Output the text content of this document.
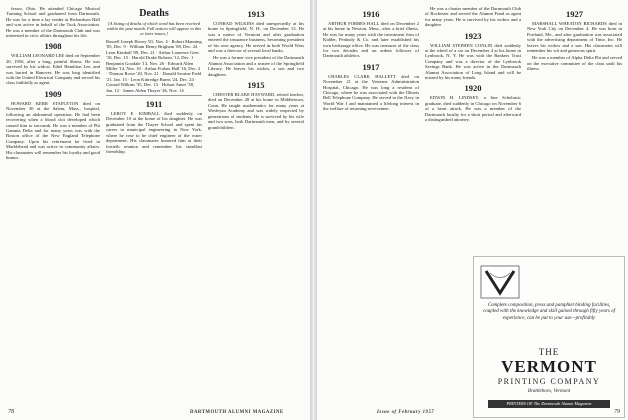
fessor, Ohio. He attended Chicago Musical Training School and graduated from Dartmouth. He was for a time a lay reader at Richardson Hall and was active in behalf of the Tuck Association. He was a member of the Dartmouth Club and was interested in civic affairs throughout his life.

1908

WILLIAM LEONARD LEE died on September 20, 1956, after a long, painful illness. He was survived by his widow, Ethel Hamilton Lee, and was buried in Hanover. He was long identified with the United Electrical Company and served his class faithfully as agent.

1909

HOWARD KERR STAPLETON died on November 30 at the Salem, Mass., hospital, following an abdominal operation. He had been recovering when a blood clot developed which caused him to succumb. He was a member of Phi Gamma Delta and for many years was with the Boston office of the New England Telephone Company. Upon his retirement he lived in Marblehead and was active in community affairs. His classmates will remember his loyalty and good humor.

Deaths
[A listing of deaths of which word has been received within the past month. Full notices will appear in this or later issues.]

Russell Joseph Hovey '01, Nov. 4 · Robert Manning '05, Dec. 9 · William Henry Brigham '08, Dec. 24 · Leon Kimball '09, Dec. 21 · Arthur Laurence Geer '10, Dec. 15 · Harold Drake Roberts '12, Dec. 1 · Benjamin Goodale '13, Nov. 26 · Edward Allen Miller '14, Nov. 10 · Arthur Forbes Hall '16, Dec. 2 · Thomas Rowe '20, Nov. 21 · Donald Swaine Field '21, Jan. 13 · Leon Kittredge Burns '24, Dec. 24 · Conrad Wilkins '35, Dec. 13 · Hobart Ames '38, Jan. 12 · James Alden Thayer '46, Nov. 14

1911

LEROY E. KIMBALL died suddenly on December 10 at the home of his daughter. He was graduated from the Thayer School and spent his career in municipal engineering in New York, where he rose to be chief engineer of the water department. His classmates honored him at their fortieth reunion and remember his steadfast friendship.

1913

CONRAD WILKINS died unexpectedly at his home in Springfield, N. H., on December 13. He was a native of Vermont and after graduation entered the insurance business, becoming president of his own agency. He served in both World Wars and was a director of several local banks.

He was a former vice president of the Dartmouth Alumni Association and a trustee of the Springfield Library. He leaves his widow, a son and two daughters.

1915

CHESTER BLAKE HAYWARD, retired teacher, died on December 28 at his home in Middletown, Conn. He taught mathematics for many years at Wesleyan Academy and was widely respected by generations of students. He is survived by his wife and two sons, both Dartmouth men, and by several grandchildren.

78	DARTMOUTH ALUMNI MAGAZINE
1916

ARTHUR FORBES HALL died on December 2 at his home in Newton, Mass., after a brief illness. He was for many years with the investment firm of Kidder, Peabody & Co. and later established his own brokerage office. He was treasurer of the class for two decades and an ardent follower of Dartmouth athletics.

1917

CHARLES CLARK HALLETT died on November 21 at the Veterans Administration Hospital, Chicago. He was long a resident of Chicago, where he was associated with the Illinois Bell Telephone Company. He served in the Navy in World War I and maintained a lifelong interest in the welfare of returning servicemen.

He was a charter member of the Dartmouth Club of Rochester and served the Alumni Fund as agent for many years. He is survived by his widow and a daughter.

1923

WILLIAM STEPHEN CONLIN died suddenly at the wheel of a car on December 4 at his home in Lynbrook, N. Y. He was with the Bankers Trust Company and was a director of the Lynbrook Savings Bank. He was active in the Dartmouth Alumni Association of Long Island and will be missed by his many friends.

1920

EDWIN H. LINDSEY, a fine Scholastic graduate, died suddenly in Chicago on November 6 of a heart attack. He was a member of the Dartmouth faculty for a short period and afterward a distinguished attorney.

1927

MARSHALL WHEATON RICHARDS died in New York City on December 4. He was born in Portland, Me., and after graduation was associated with the advertising department of Time, Inc. He leaves his widow and a son. His classmates will remember his wit and generous spirit.

He was a member of Alpha Delta Phi and served on the executive committee of the class until his illness.

Complete composition, press and pamphlet binding facilities, coupled with the knowledge and skill gained through fifty years of experience, can be put to your use—profitably
THE
VERMONT
PRINTING COMPANY
Brattleboro, Vermont
PRINTERS OF The Dartmouth Alumni Magazine
Issue of February 1957	79
